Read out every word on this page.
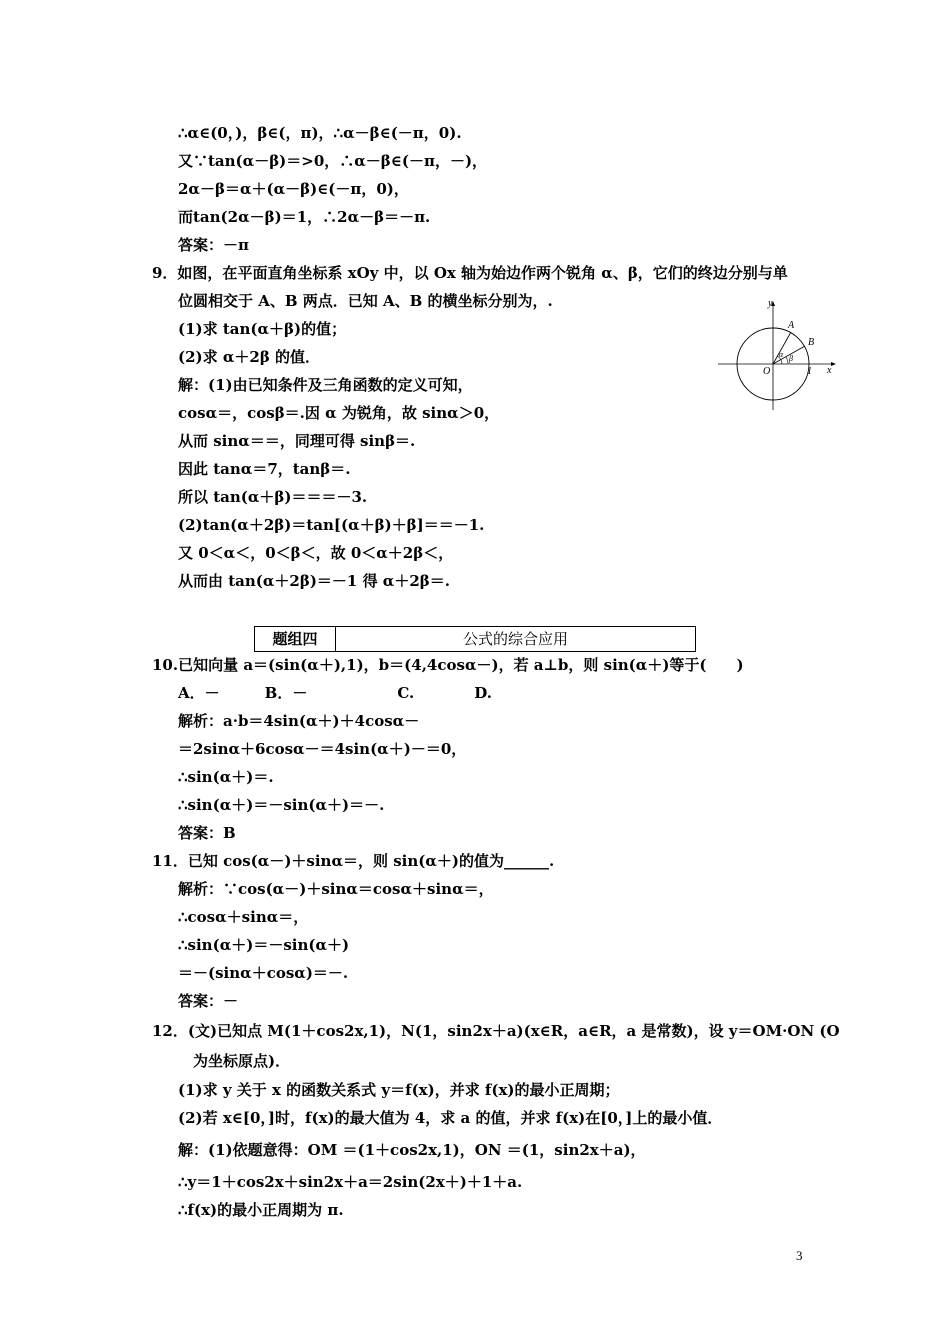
∴α∈(0，)，β∈(，π)，∴α－β∈(－π，0).
又∵tan(α－β)＝>0，∴α－β∈(－π，－)，
2α－β＝α＋(α－β)∈(－π，0)，
而tan(2α－β)＝1，∴2α－β＝－π.
答案：－π
9．如图，在平面直角坐标系 xOy 中，以 Ox 轴为始边作两个锐角 α、β，它们的终边分别与单
位圆相交于 A、B 两点．已知 A、B 的横坐标分别为，.
(1)求 tan(α＋β)的值；
(2)求 α＋2β 的值．
解：(1)由已知条件及三角函数的定义可知，
cosα＝，cosβ＝.因 α 为锐角，故 sinα＞0，
从而 sinα＝＝，同理可得 sinβ＝.
因此 tanα＝7，tanβ＝.
所以 tan(α＋β)＝＝＝－3.
(2)tan(α＋2β)＝tan[(α＋β)＋β]＝＝－1.
又 0＜α＜，0＜β＜，故 0＜α＋2β＜，
从而由 tan(α＋2β)＝－1 得 α＋2β＝.
y
x
O	1
A
B
α β
题组四	公式的综合应用
10.已知向量 a＝(sin(α＋),1)，b＝(4,4cosα－)，若 a⊥b，则 sin(α＋)等于(　　)
A．－　　　B．－　　　　　　C.　　　　D.
解析：a·b＝4sin(α＋)＋4cosα－
＝2sinα＋6cosα－＝4sin(α＋)－＝0，
∴sin(α＋)＝.
∴sin(α＋)＝－sin(α＋)＝－.
答案：B
11．已知 cos(α－)＋sinα＝，则 sin(α＋)的值为______.
解析：∵cos(α－)＋sinα＝cosα＋sinα＝，
∴cosα＋sinα＝，
∴sin(α＋)＝－sin(α＋)
＝－(sinα＋cosα)＝－.
答案：－
12．(文)已知点 M(1＋cos2x,1)，N(1，sin2x＋a)(x∈R，a∈R，a 是常数)，设 y＝OM·ON (O
为坐标原点)．
(1)求 y 关于 x 的函数关系式 y＝f(x)，并求 f(x)的最小正周期；
(2)若 x∈[0，]时，f(x)的最大值为 4，求 a 的值，并求 f(x)在[0，]上的最小值．
解：(1)依题意得：OM ＝(1＋cos2x,1)，ON ＝(1，sin2x＋a)，
∴y＝1＋cos2x＋sin2x＋a＝2sin(2x＋)＋1＋a.
∴f(x)的最小正周期为 π.
3
